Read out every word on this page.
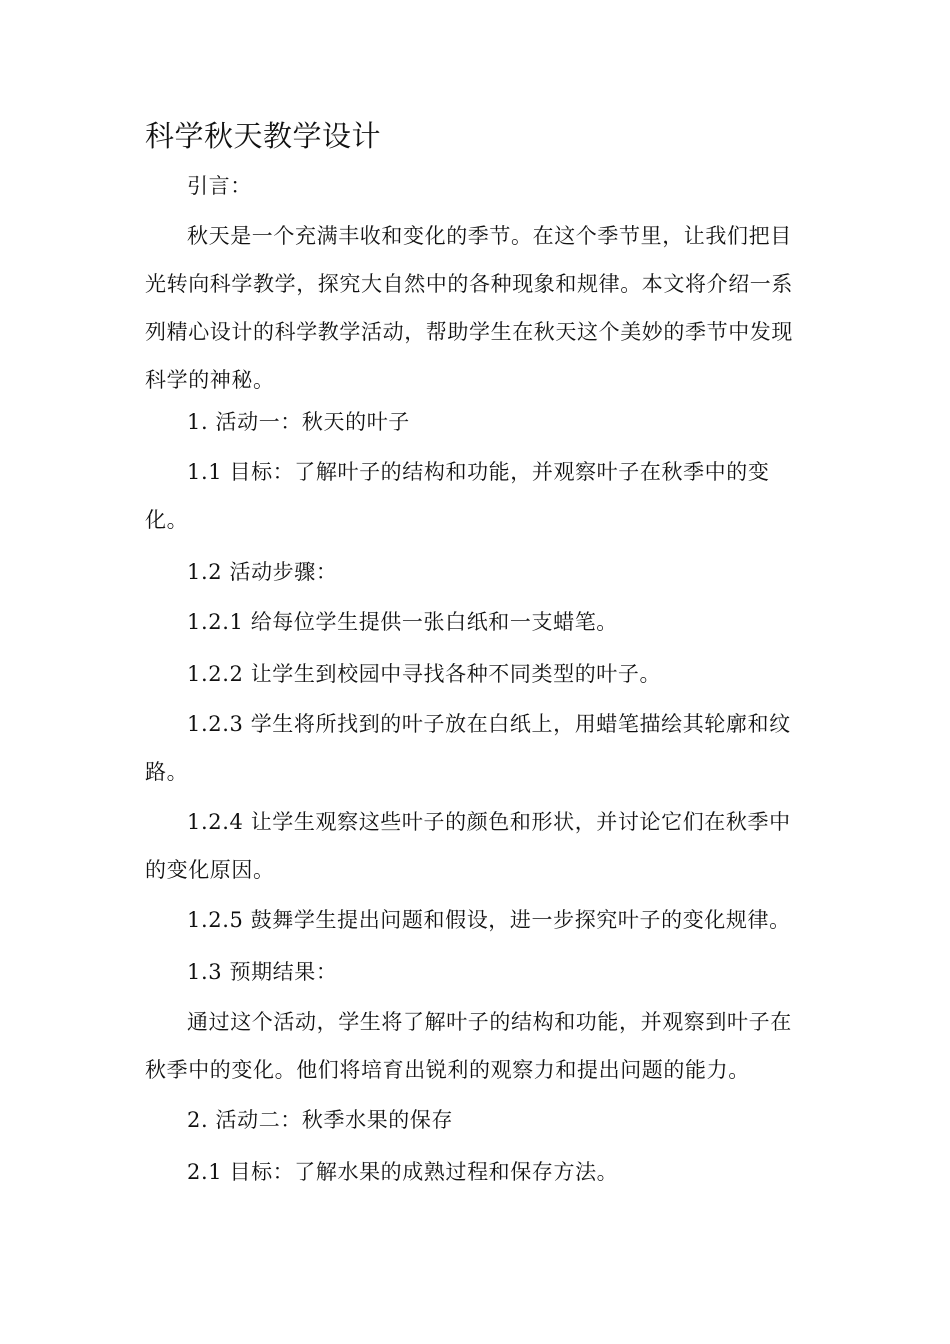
科学秋天教学设计

引言：

秋天是一个充满丰收和变化的季节。在这个季节里，让我们把目光转向科学教学，探究大自然中的各种现象和规律。本文将介绍一系列精心设计的科学教学活动，帮助学生在秋天这个美妙的季节中发现科学的神秘。

1. 活动一：秋天的叶子

1.1 目标：了解叶子的结构和功能，并观察叶子在秋季中的变化。

1.2 活动步骤：

1.2.1 给每位学生提供一张白纸和一支蜡笔。

1.2.2 让学生到校园中寻找各种不同类型的叶子。

1.2.3 学生将所找到的叶子放在白纸上，用蜡笔描绘其轮廓和纹路。

1.2.4 让学生观察这些叶子的颜色和形状，并讨论它们在秋季中的变化原因。

1.2.5 鼓舞学生提出问题和假设，进一步探究叶子的变化规律。

1.3 预期结果：

通过这个活动，学生将了解叶子的结构和功能，并观察到叶子在秋季中的变化。他们将培育出锐利的观察力和提出问题的能力。

2. 活动二：秋季水果的保存

2.1 目标：了解水果的成熟过程和保存方法。
